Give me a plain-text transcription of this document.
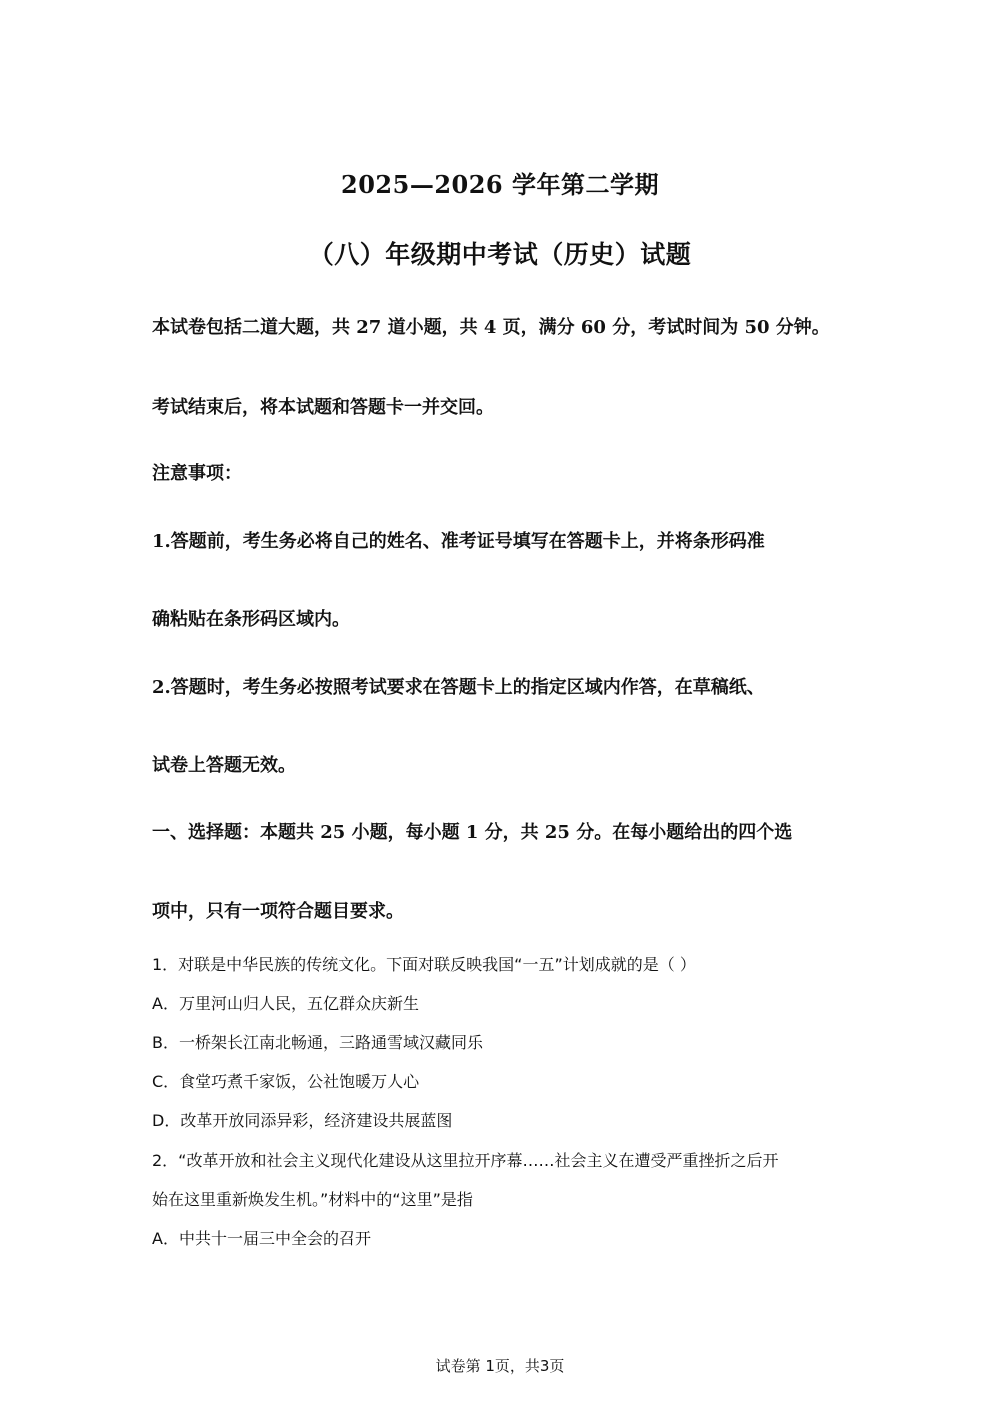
2025—2026 学年第二学期
（八）年级期中考试（历史）试题
本试卷包括二道大题，共 27 道小题，共 4 页，满分 60 分，考试时间为 50 分钟。
考试结束后，将本试题和答题卡一并交回。
注意事项：
1.答题前，考生务必将自己的姓名、准考证号填写在答题卡上，并将条形码准
确粘贴在条形码区域内。
2.答题时，考生务必按照考试要求在答题卡上的指定区域内作答，在草稿纸、
试卷上答题无效。
一、选择题：本题共 25 小题，每小题 1 分，共 25 分。在每小题给出的四个选
项中，只有一项符合题目要求。
1．对联是中华民族的传统文化。下面对联反映我国“一五”计划成就的是（ ）
A．万里河山归人民，五亿群众庆新生
B．一桥架长江南北畅通，三路通雪域汉藏同乐
C．食堂巧煮千家饭，公社饱暖万人心
D．改革开放同添异彩，经济建设共展蓝图
2．“改革开放和社会主义现代化建设从这里拉开序幕……社会主义在遭受严重挫折之后开
始在这里重新焕发生机。”材料中的“这里”是指
A．中共十一届三中全会的召开
试卷第 1页，共3页
